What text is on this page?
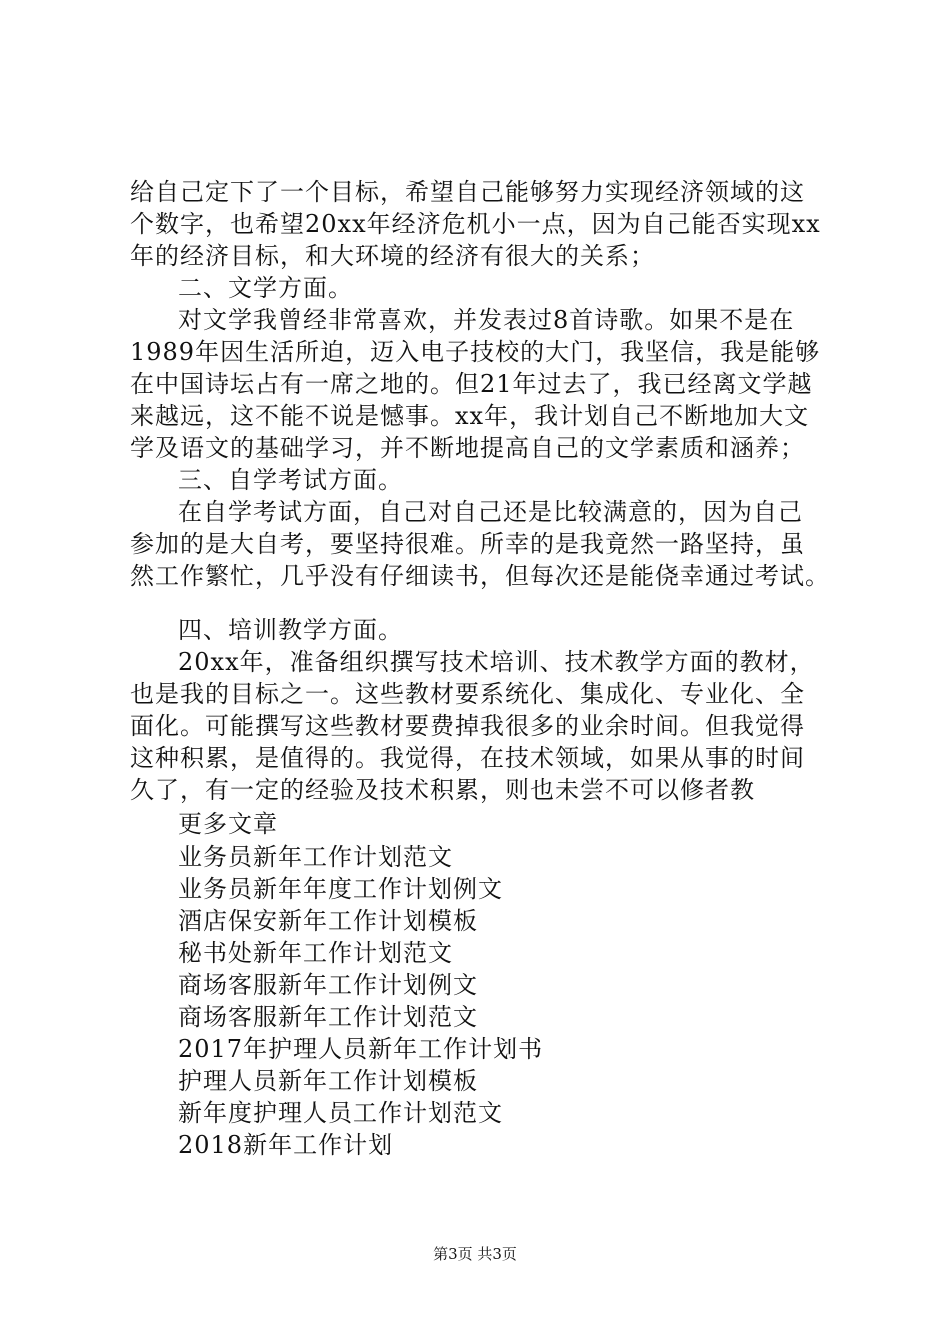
给自己定下了一个目标，希望自己能够努力实现经济领域的这
个数字，也希望20xx年经济危机小一点，因为自己能否实现xx
年的经济目标，和大环境的经济有很大的关系；
二、文学方面。
对文学我曾经非常喜欢，并发表过8首诗歌。如果不是在
1989年因生活所迫，迈入电子技校的大门，我坚信，我是能够
在中国诗坛占有一席之地的。但21年过去了，我已经离文学越
来越远，这不能不说是憾事。xx年，我计划自己不断地加大文
学及语文的基础学习，并不断地提高自己的文学素质和涵养；
三、自学考试方面。
在自学考试方面，自己对自己还是比较满意的，因为自己
参加的是大自考，要坚持很难。所幸的是我竟然一路坚持，虽
然工作繁忙，几乎没有仔细读书，但每次还是能侥幸通过考试。
四、培训教学方面。
20xx年，准备组织撰写技术培训、技术教学方面的教材，
也是我的目标之一。这些教材要系统化、集成化、专业化、全
面化。可能撰写这些教材要费掉我很多的业余时间。但我觉得
这种积累，是值得的。我觉得，在技术领域，如果从事的时间
久了，有一定的经验及技术积累，则也未尝不可以修者教
更多文章
业务员新年工作计划范文
业务员新年年度工作计划例文
酒店保安新年工作计划模板
秘书处新年工作计划范文
商场客服新年工作计划例文
商场客服新年工作计划范文
2017年护理人员新年工作计划书
护理人员新年工作计划模板
新年度护理人员工作计划范文
2018新年工作计划
第3页 共3页
